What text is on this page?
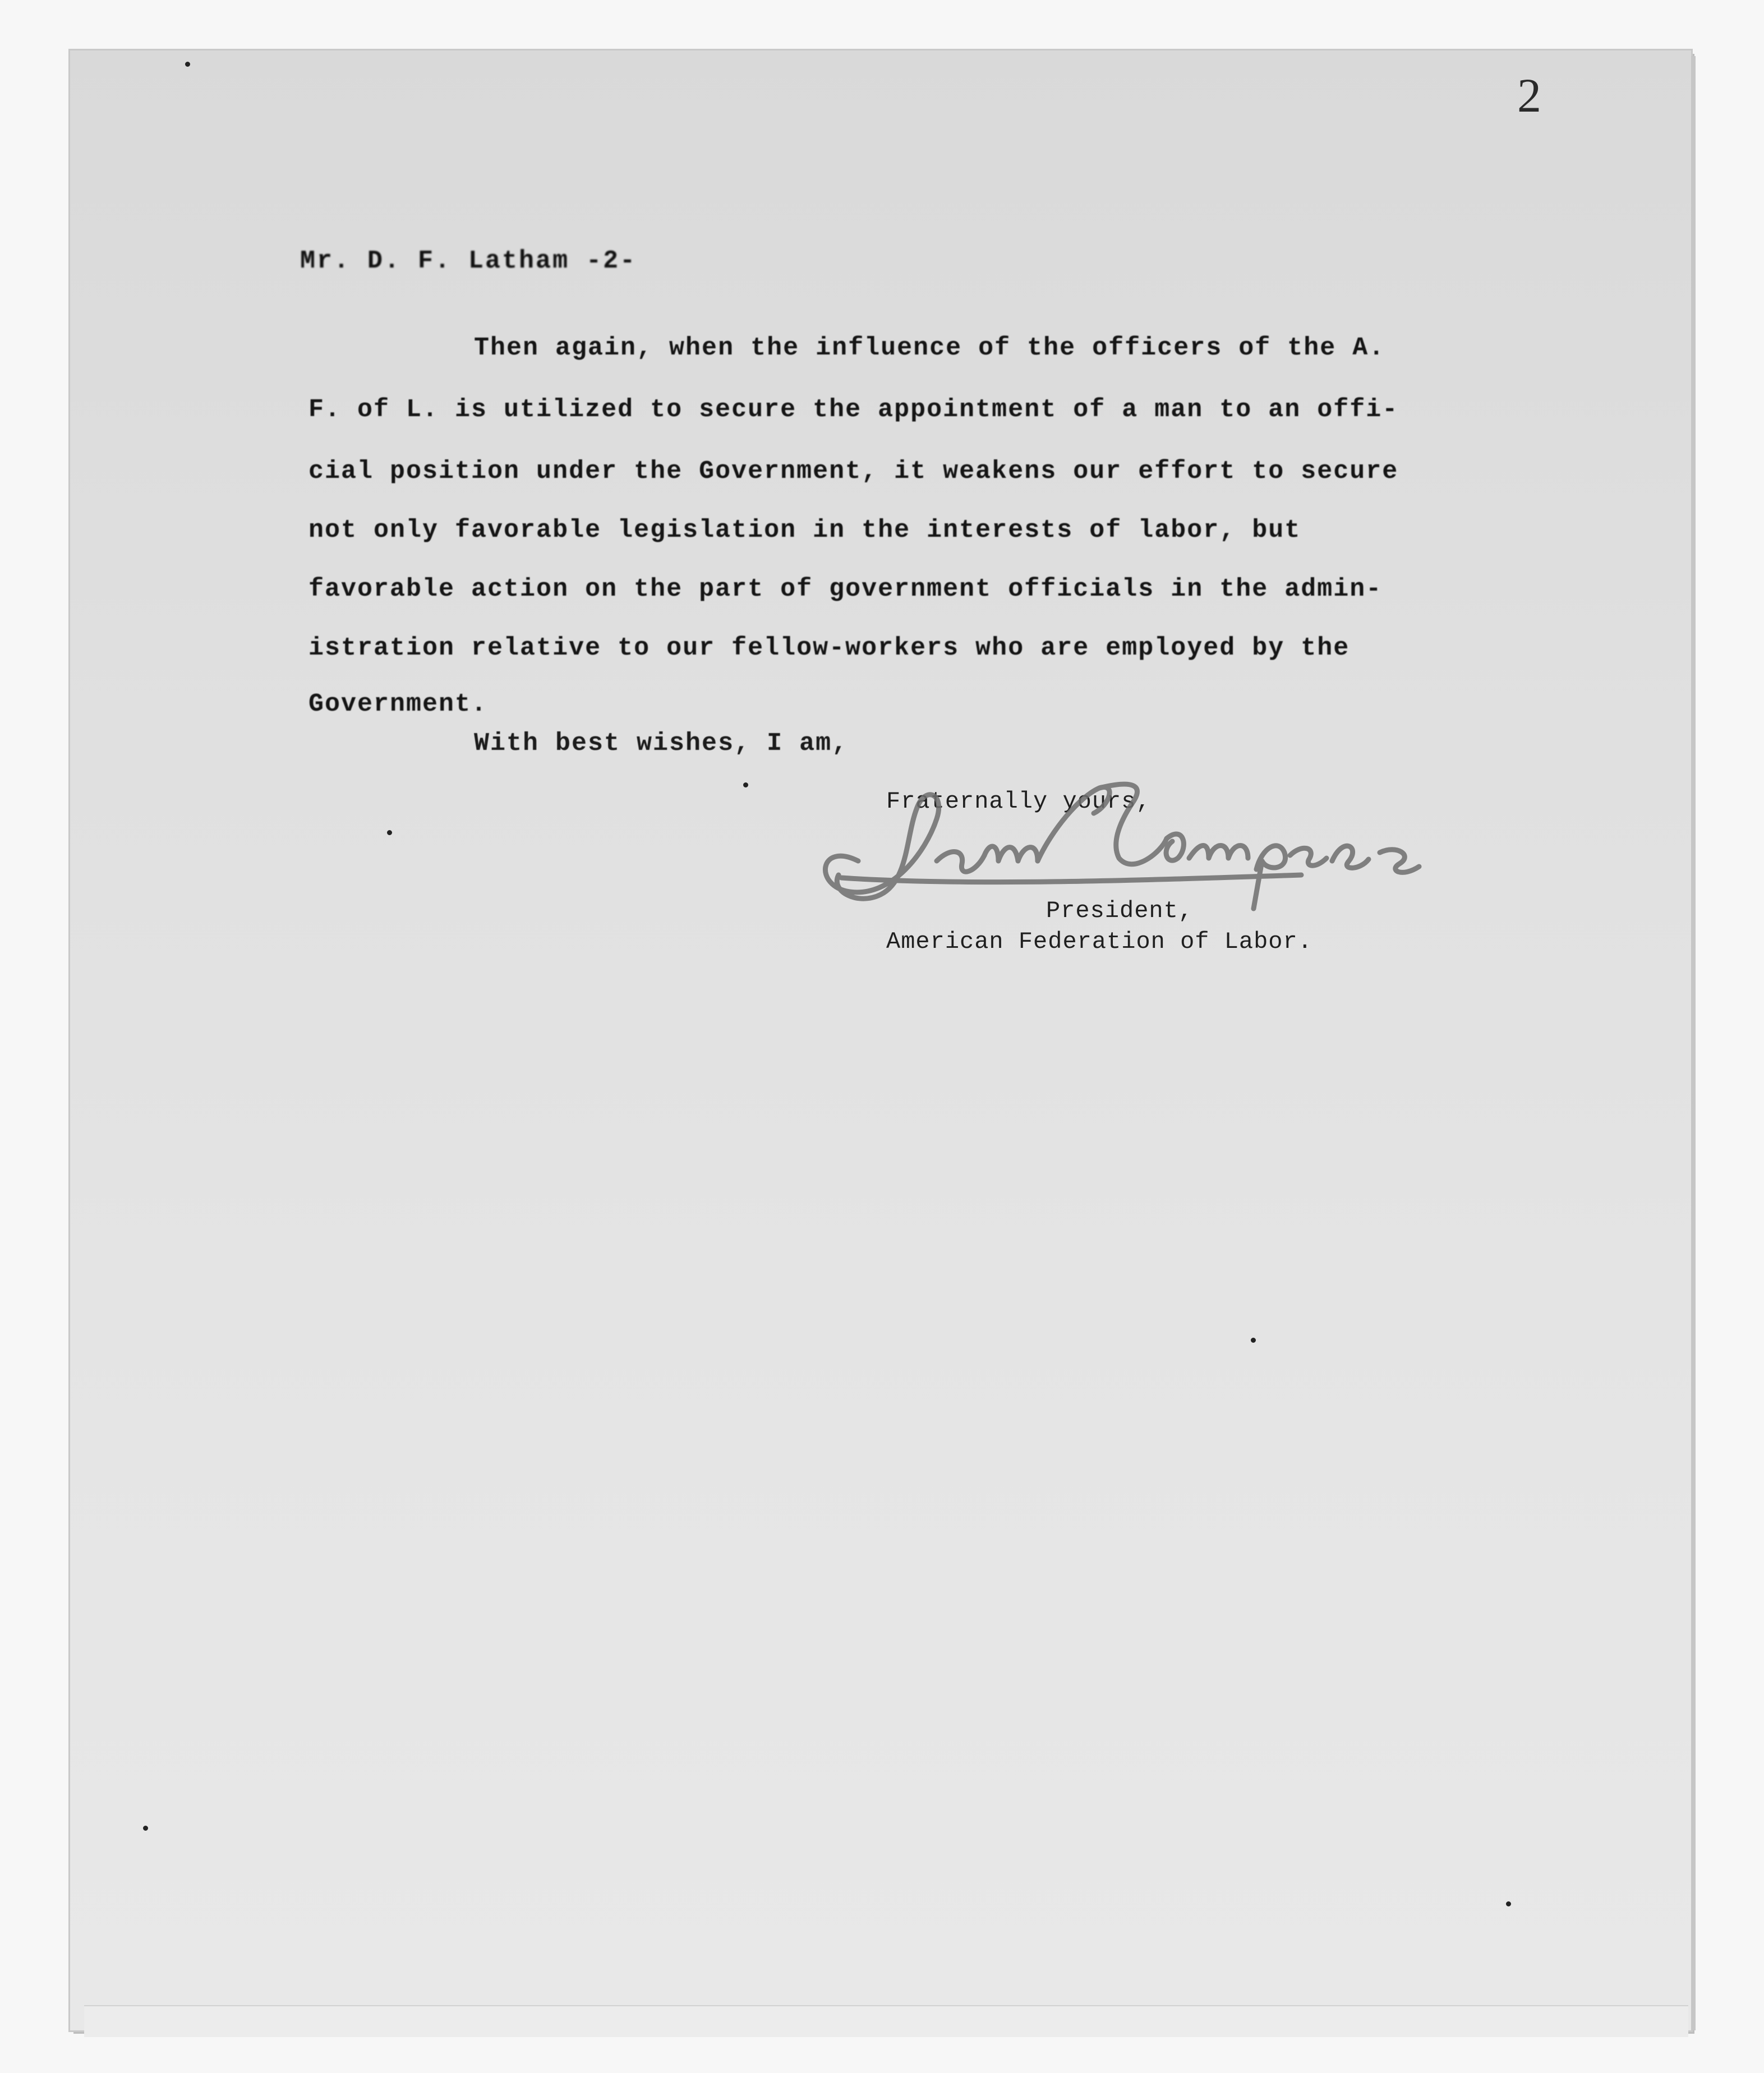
2
Mr. D. F. Latham -2-
Then again, when the influence of the officers of the A.
F. of L. is utilized to secure the appointment of a man to an offi-
cial position under the Government, it weakens our effort to secure
not only favorable legislation in the interests of labor, but
favorable action on the part of government officials in the admin-
istration relative to our fellow-workers who are employed by the
Government.
With best wishes, I am,
Fraternally yours,
President,
American Federation of Labor.
